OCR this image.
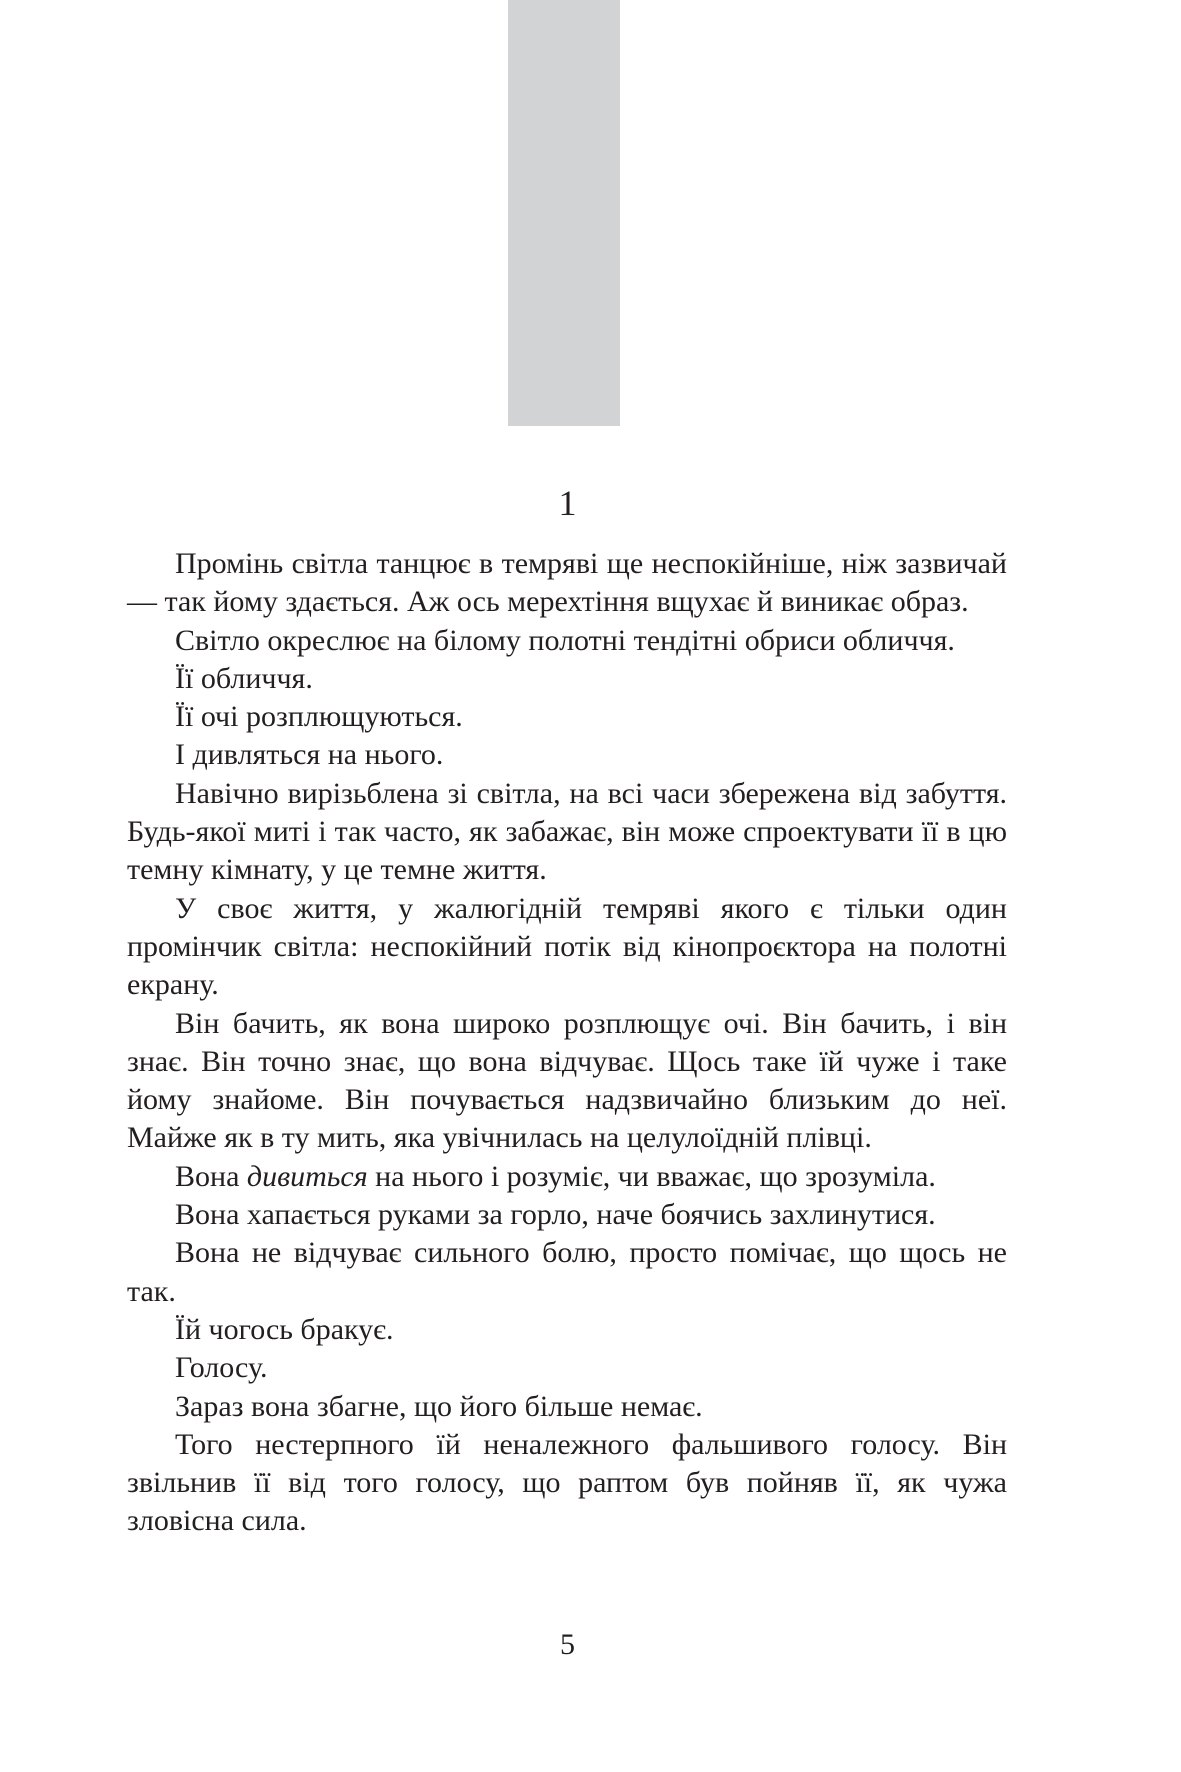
1

Промінь світла танцює в темряві ще неспокійніше, ніж зазвичай — так йому здається. Аж ось мерехтіння вщухає й виникає образ.

Світло окреслює на білому полотні тендітні обриси обличчя.

Її обличчя.

Її очі розплющуються.

І дивляться на нього.

Навічно вирізьблена зі світла, на всі часи збережена від забуття. Будь-якої миті і так часто, як забажає, він може спроектувати її в цю темну кімнату, у це темне життя.

У своє життя, у жалюгідній темряві якого є тільки один промінчик світла: неспокійний потік від кінопроєктора на полотні екрану.

Він бачить, як вона широко розплющує очі. Він бачить, і він знає. Він точно знає, що вона відчуває. Щось таке їй чуже і таке йому знайоме. Він почувається надзвичайно близьким до неї. Майже як в ту мить, яка увічнилась на целулоїдній плівці.

Вона дивиться на нього і розуміє, чи вважає, що зрозуміла.

Вона хапається руками за горло, наче боячись захлинутися.

Вона не відчуває сильного болю, просто помічає, що щось не так.

Їй чогось бракує.

Голосу.

Зараз вона збагне, що його більше немає.

Того нестерпного їй неналежного фальшивого голосу. Він звільнив її від того голосу, що раптом був пойняв її, як чужа зловісна сила.

5
